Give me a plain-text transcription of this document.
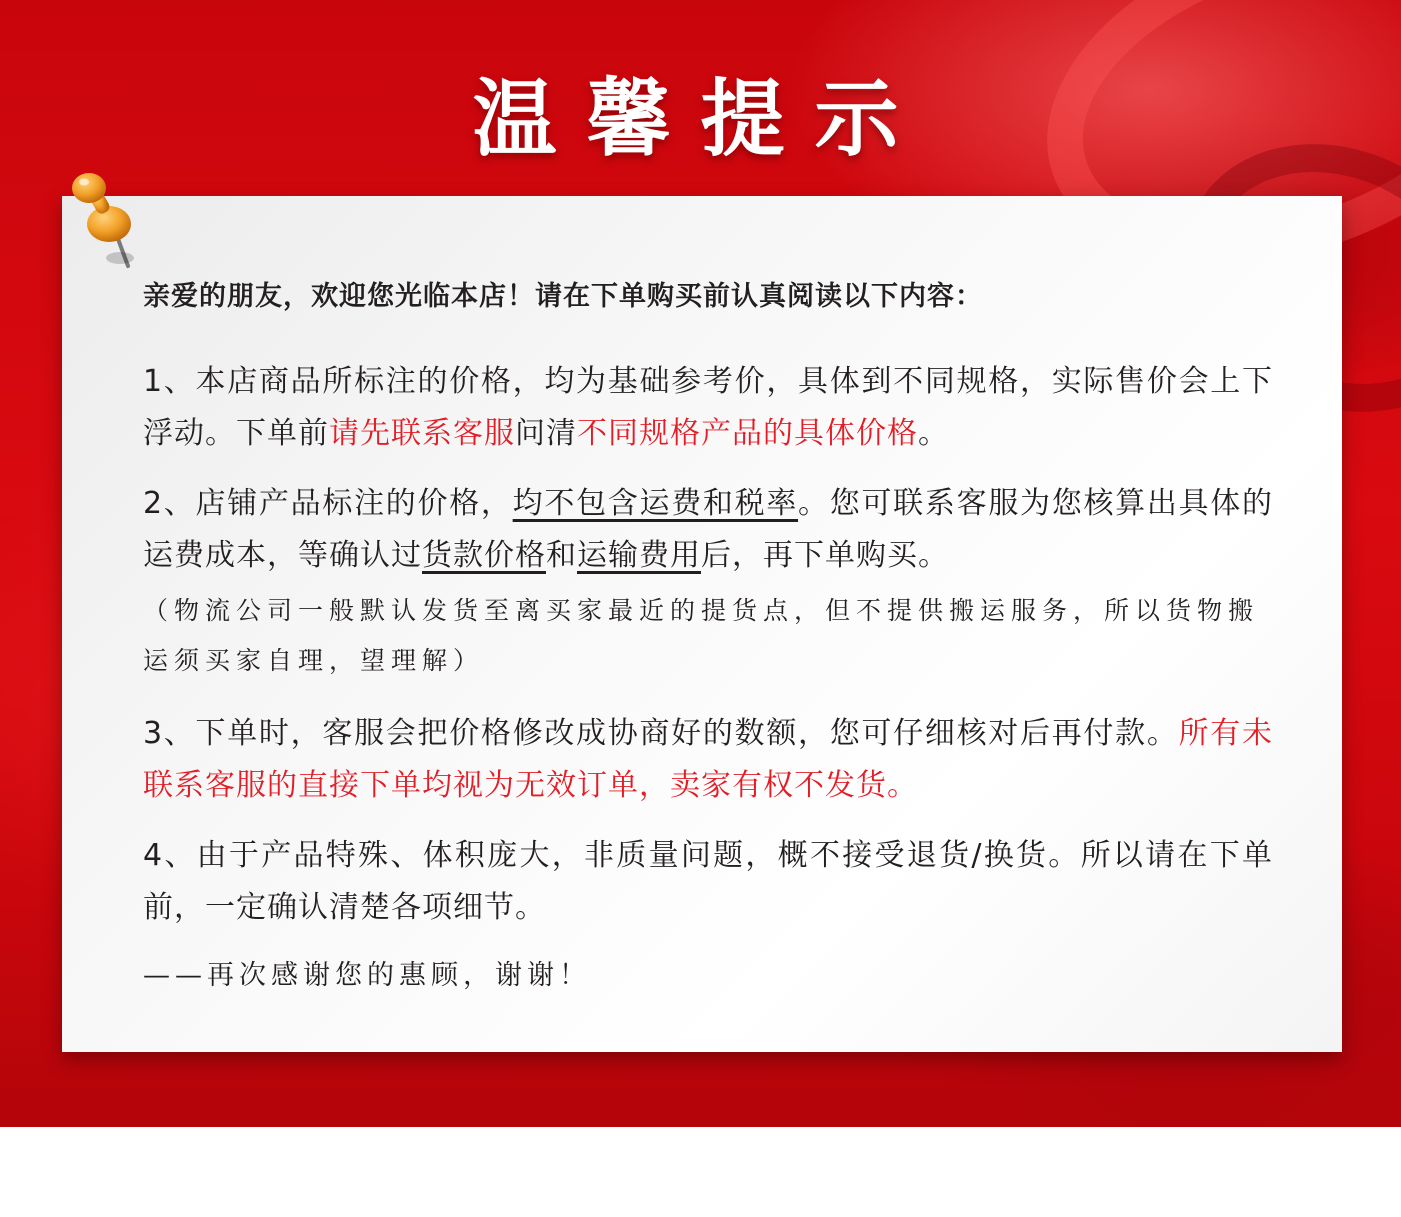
温馨提示
亲爱的朋友，欢迎您光临本店！请在下单购买前认真阅读以下内容：
1、本店商品所标注的价格，均为基础参考价，具体到不同规格，实际售价会上下浮动。下单前请先联系客服问清不同规格产品的具体价格。
2、店铺产品标注的价格，均不包含运费和税率。您可联系客服为您核算出具体的运费成本，等确认过货款价格和运输费用后，再下单购买。
（物流公司一般默认发货至离买家最近的提货点，但不提供搬运服务，所以货物搬运须买家自理，望理解）
3、下单时，客服会把价格修改成协商好的数额，您可仔细核对后再付款。所有未联系客服的直接下单均视为无效订单，卖家有权不发货。
4、由于产品特殊、体积庞大，非质量问题，概不接受退货/换货。所以请在下单前，一定确认清楚各项细节。
——再次感谢您的惠顾，谢谢！
